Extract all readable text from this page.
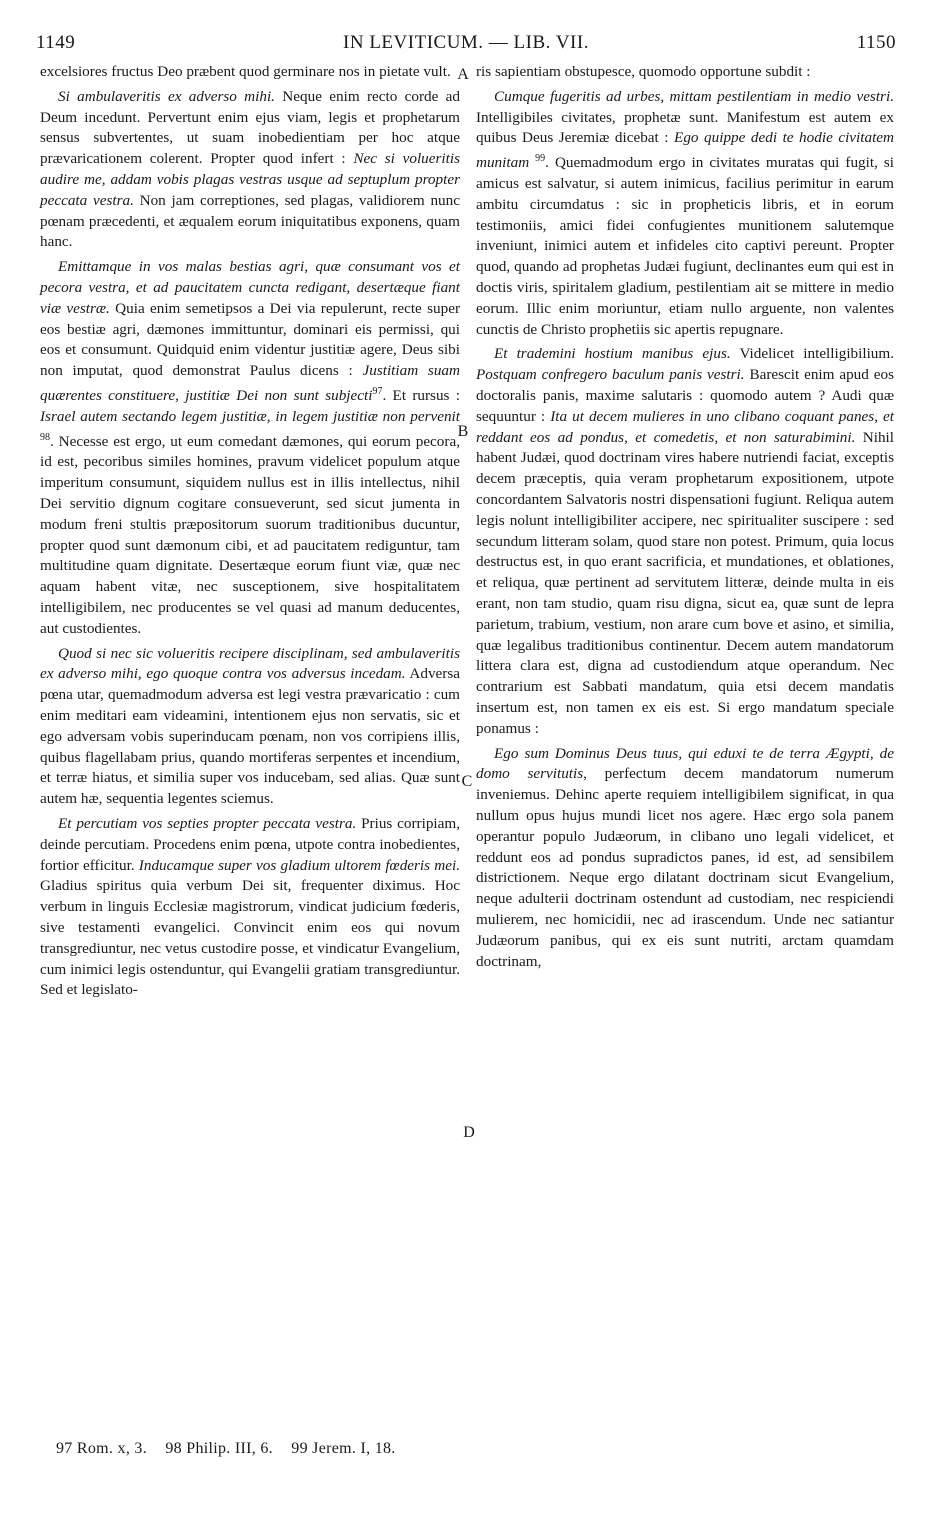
1149	IN LEVITICUM. — LIB. VII.	1150
A
B
C
D

excelsiores fructus Deo præbent quod germinare nos in pietate vult.

Si ambulaveritis ex adverso mihi. Neque enim recto corde ad Deum incedunt. Pervertunt enim ejus viam, legis et prophetarum sensus subvertentes, ut suam inobedientiam per hoc atque prævaricationem colerent. Propter quod infert : Nec si volueritis audire me, addam vobis plagas vestras usque ad septuplum propter peccata vestra. Non jam correptiones, sed plagas, validiorem nunc pœnam præcedenti, et æqualem eorum iniquitatibus exponens, quam hanc.

Emittamque in vos malas bestias agri, quæ consumant vos et pecora vestra, et ad paucitatem cuncta redigant, desertæque fiant viæ vestræ. Quia enim semetipsos a Dei via repulerunt, recte super eos bestiæ agri, dæmones immittuntur, dominari eis permissi, qui eos et consumunt. Quidquid enim videntur justitiæ agere, Deus sibi non imputat, quod demonstrat Paulus dicens : Justitiam suam quærentes constituere, justitiæ Dei non sunt subjecti$^{97}$. Et rursus : Israel autem sectando legem justitiæ, in legem justitiæ non pervenit $^{98}$. Necesse est ergo, ut eum comedant dæmones, qui eorum pecora, id est, pecoribus similes homines, pravum videlicet populum atque imperitum consumunt, siquidem nullus est in illis intellectus, nihil Dei servitio dignum cogitare consueverunt, sed sicut jumenta in modum freni stultis præpositorum suorum traditionibus ducuntur, propter quod sunt dæmonum cibi, et ad paucitatem rediguntur, tam multitudine quam dignitate. Desertæque eorum fiunt viæ, quæ nec aquam habent vitæ, nec susceptionem, sive hospitalitatem intelligibilem, nec producentes se vel quasi ad manum deducentes, aut custodientes.

Quod si nec sic volueritis recipere disciplinam, sed ambulaveritis ex adverso mihi, ego quoque contra vos adversus incedam. Adversa pœna utar, quemadmodum adversa est legi vestra prævaricatio : cum enim meditari eam videamini, intentionem ejus non servatis, sic et ego adversam vobis superinducam pœnam, non vos corripiens illis, quibus flagellabam prius, quando mortiferas serpentes et incendium, et terræ hiatus, et similia super vos inducebam, sed alias. Quæ sunt autem hæ, sequentia legentes sciemus.

Et percutiam vos septies propter peccata vestra. Prius corripiam, deinde percutiam. Procedens enim pœna, utpote contra inobedientes, fortior efficitur. Inducamque super vos gladium ultorem fœderis mei. Gladius spiritus quia verbum Dei sit, frequenter diximus. Hoc verbum in linguis Ecclesiæ magistrorum, vindicat judicium fœderis, sive testamenti evangelici. Convincit enim eos qui novum transgrediuntur, nec vetus custodire posse, et vindicatur Evangelium, cum inimici legis ostenduntur, qui Evangelii gratiam transgrediuntur. Sed et legislato-

ris sapientiam obstupesce, quomodo opportune subdit :

Cumque fugeritis ad urbes, mittam pestilentiam in medio vestri. Intelligibiles civitates, prophetæ sunt. Manifestum est autem ex quibus Deus Jeremiæ dicebat : Ego quippe dedi te hodie civitatem munitam $^{99}$. Quemadmodum ergo in civitates muratas qui fugit, si amicus est salvatur, si autem inimicus, facilius perimitur in earum ambitu circumdatus : sic in propheticis libris, et in eorum testimoniis, amici fidei confugientes munitionem salutemque inveniunt, inimici autem et infideles cito captivi pereunt. Propter quod, quando ad prophetas Judæi fugiunt, declinantes eum qui est in doctis viris, spiritalem gladium, pestilentiam ait se mittere in medio eorum. Illic enim moriuntur, etiam nullo arguente, non valentes cunctis de Christo prophetiis sic apertis repugnare.

Et trademini hostium manibus ejus. Videlicet intelligibilium. Postquam confregero baculum panis vestri. Barescit enim apud eos doctoralis panis, maxime salutaris : quomodo autem ? Audi quæ sequuntur : Ita ut decem mulieres in uno clibano coquant panes, et reddant eos ad pondus, et comedetis, et non saturabimini. Nihil habent Judæi, quod doctrinam vires habere nutriendi faciat, exceptis decem præceptis, quia veram prophetarum expositionem, utpote concordantem Salvatoris nostri dispensationi fugiunt. Reliqua autem legis nolunt intelligibiliter accipere, nec spiritualiter suscipere : sed secundum litteram solam, quod stare non potest. Primum, quia locus destructus est, in quo erant sacrificia, et mundationes, et oblationes, et reliqua, quæ pertinent ad servitutem litteræ, deinde multa in eis erant, non tam studio, quam risu digna, sicut ea, quæ sunt de lepra parietum, trabium, vestium, non arare cum bove et asino, et similia, quæ legalibus traditionibus continentur. Decem autem mandatorum littera clara est, digna ad custodiendum atque operandum. Nec contrarium est Sabbati mandatum, quia etsi decem mandatis insertum est, non tamen ex eis est. Si ergo mandatum speciale ponamus :

Ego sum Dominus Deus tuus, qui eduxi te de terra Ægypti, de domo servitutis, perfectum decem mandatorum numerum inveniemus. Dehinc aperte requiem intelligibilem significat, in qua nullum opus hujus mundi licet nos agere. Hæc ergo sola panem operantur populo Judæorum, in clibano uno legali videlicet, et reddunt eos ad pondus supradictos panes, id est, ad sensibilem districtionem. Neque ergo dilatant doctrinam sicut Evangelium, neque adulterii doctrinam ostendunt ad custodiam, nec respiciendi mulierem, nec homicidii, nec ad irascendum. Unde nec satiantur Judæorum panibus, qui ex eis sunt nutriti, arctam quamdam doctrinam,

97 Rom. x, 3. 98 Philip. III, 6. 99 Jerem. I, 18.
